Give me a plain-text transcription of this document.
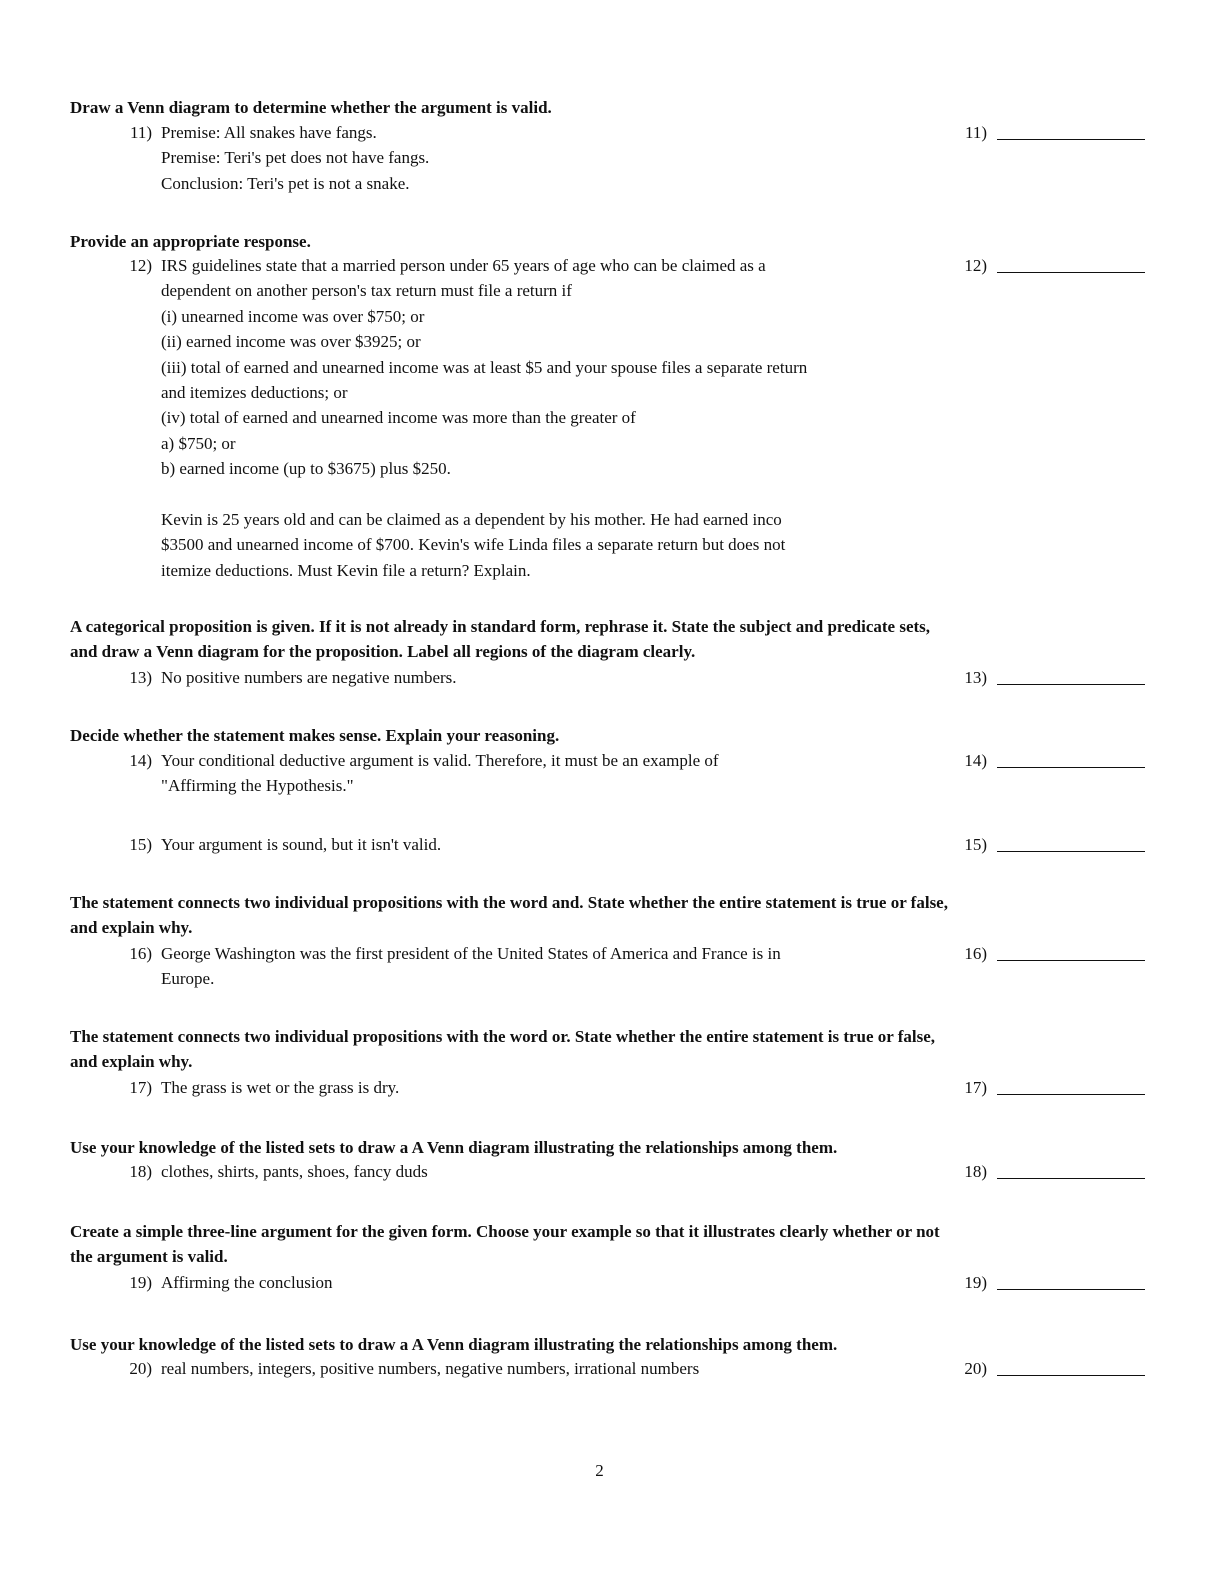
2
Draw a Venn diagram to determine whether the argument is valid.
11) Premise: All snakes have fangs.
Premise: Teri's pet does not have fangs.
Conclusion: Teri's pet is not a snake.
11)
Provide an appropriate response.
12) IRS guidelines state that a married person under 65 years of age who can be claimed as a
dependent on another person's tax return must file a return if
(i) unearned income was over $750; or
(ii) earned income was over $3925; or
(iii) total of earned and unearned income was at least $5 and your spouse files a separate return
and itemizes deductions; or
(iv) total of earned and unearned income was more than the greater of
a) $750; or
b) earned income (up to $3675) plus $250.
Kevin is 25 years old and can be claimed as a dependent by his mother. He had earned inco
$3500 and unearned income of $700. Kevin's wife Linda files a separate return but does not
itemize deductions. Must Kevin file a return? Explain.
12)
A categorical proposition is given. If it is not already in standard form, rephrase it. State the subject and predicate sets,
and draw a Venn diagram for the proposition. Label all regions of the diagram clearly.
13) No positive numbers are negative numbers.	13)
Decide whether the statement makes sense. Explain your reasoning.
14) Your conditional deductive argument is valid. Therefore, it must be an example of
"Affirming the Hypothesis."
14)
15) Your argument is sound, but it isn't valid.	15)
The statement connects two individual propositions with the word and. State whether the entire statement is true or false,
and explain why.
16) George Washington was the first president of the United States of America and France is in
Europe.
16)
The statement connects two individual propositions with the word or. State whether the entire statement is true or false,
and explain why.
17) The grass is wet or the grass is dry.	17)
Use your knowledge of the listed sets to draw a A Venn diagram illustrating the relationships among them.
18) clothes, shirts, pants, shoes, fancy duds	18)
Create a simple three-line argument for the given form. Choose your example so that it illustrates clearly whether or not
the argument is valid.
19) Affirming the conclusion	19)
Use your knowledge of the listed sets to draw a A Venn diagram illustrating the relationships among them.
20) real numbers, integers, positive numbers, negative numbers, irrational numbers	20)
